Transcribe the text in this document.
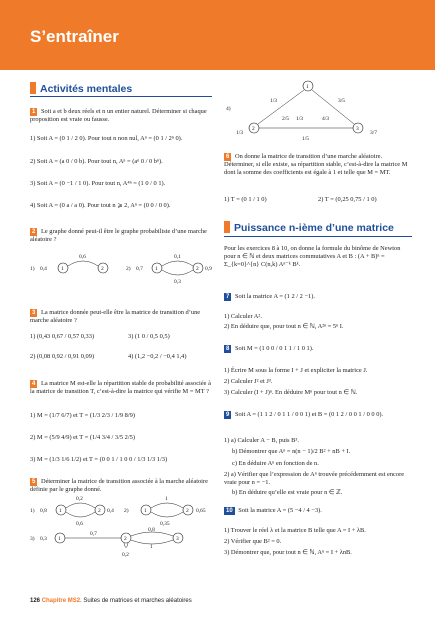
S’entraîner
Activités mentales
1 Soit a et b deux réels et n un entier naturel. Déterminer si chaque proposition est vraie ou fausse.
1) Soit A = (0 1 / 2 0). Pour tout n non nul, Aⁿ = (0 1 / 2ⁿ 0).
2) Soit A = (a 0 / 0 b). Pour tout n, Aⁿ = (aⁿ 0 / 0 bⁿ).
3) Soit A = (0 −1 / 1 0). Pour tout n, A⁴ⁿ = (1 0 / 0 1).
4) Soit A = (0 a / a 0). Pour tout n ⩾ 2, Aⁿ = (0 0 / 0 0).
2 Le graphe donné peut-il être le graphe probabiliste d’une marche aléatoire ?
1) 0,4	1	2
0,6
2) 0,7 1	2
0,1
0,3
0,9
3 La matrice donnée peut-elle être la matrice de transition d’une marche aléatoire ?
1) (0,43 0,67 / 0,57 0,33)
2) (0,08 0,92 / 0,91 0,09)
3) (1 0 / 0,5 0,5)
4) (1,2 −0,2 / −0,4 1,4)
4 La matrice M est-elle la répartition stable de probabilité associée à la matrice de transition T, c’est-à-dire la matrice qui vérifie M = MT ?
1) M = (1/7 6/7) et T = (1/3 2/3 / 1/9 8/9)
2) M = (5/9 4/9) et T = (1/4 3/4 / 3/5 2/5)
3) M = (1/3 1/6 1/2) et T = (0 0 1 / 1 0 0 / 1/3 1/3 1/3)
5 Déterminer la matrice de transition associée à la marche aléatoire définie par le graphe donné.
1) 0,8 1	2
0,2
0,6
0,4 2)	1	2
1
0,35
0,65
3) 0,3 1	2	3
0,7
0,8
1
0,2
4)
1
2	3
1/3	3/5
2/5	4/3
1/3	3/7
1/3
1/5
6 On donne la matrice de transition d’une marche aléatoire. Déterminer, si elle existe, sa répartition stable, c’est-à-dire la matrice M dont la somme des coefficients est égale à 1 et telle que M = MT.
1) T = (0 1 / 1 0)	2) T = (0,25 0,75 / 1 0)
Puissance n-ième d’une matrice
Pour les exercices 8 à 10, on donne la formule du binôme de Newton pour n ∈ ℕ et deux matrices commutatives A et B : (A + B)ⁿ = Σ_{k=0}^{n} C(n,k) Aⁿ⁻ᵏ Bᵏ.
7 Soit la matrice A = (1 2 / 2 −1).
1) Calculer A².
2) En déduire que, pour tout n ∈ ℕ, A²ⁿ = 5ⁿ I.
8 Soit M = (1 0 0 / 0 1 1 / 1 0 1).
1) Écrire M sous la forme I + J et expliciter la matrice J.
2) Calculer J² et J³.
3) Calculer (I + J)ⁿ. En déduire Mⁿ pour tout n ∈ ℕ.
9 Soit A = (1 1 2 / 0 1 1 / 0 0 1) et B = (0 1 2 / 0 0 1 / 0 0 0).
1) a) Calculer A − B, puis B³.
b) Démontrer que Aⁿ = n(n − 1)/2 B² + nB + I.
c) En déduire Aⁿ en fonction de n.
2) a) Vérifier que l’expression de Aⁿ trouvée précédemment est encore vraie pour n = −1.
b) En déduire qu’elle est vraie pour n ∈ ℤ.
10 Soit la matrice A = (5 −4 / 4 −3).
1) Trouver le réel λ et la matrice B telle que A = I + λB.
2) Vérifier que B² = 0.
3) Démontrer que, pour tout n ∈ ℕ, Aⁿ = I + λnB.
126 Chapitre MS2. Suites de matrices et marches aléatoires
